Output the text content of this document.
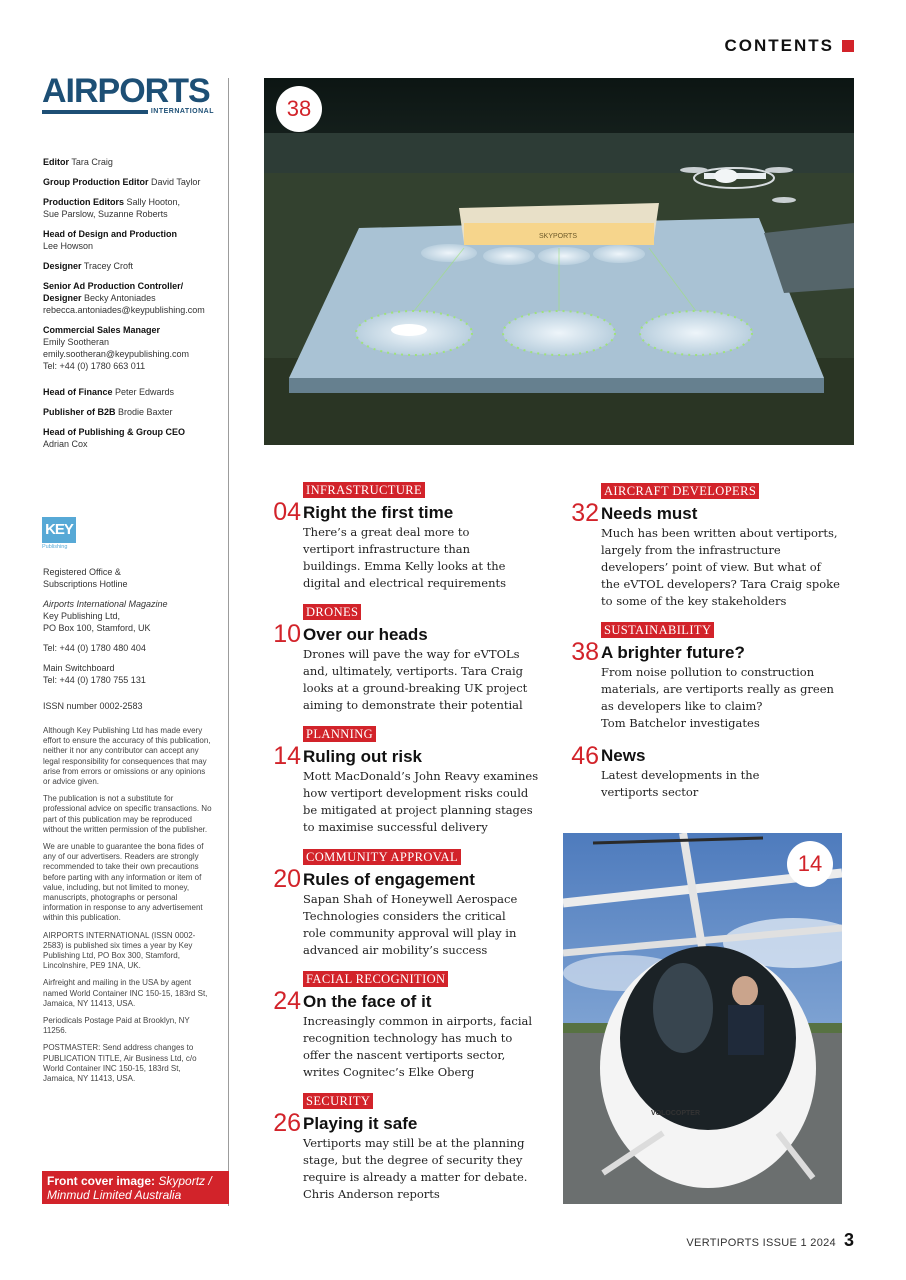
CONTENTS
AIRPORTS
INTERNATIONAL
Editor Tara Craig
Group Production Editor David Taylor
Production Editors Sally Hooton,
Sue Parslow, Suzanne Roberts
Head of Design and Production
Lee Howson
Designer Tracey Croft
Senior Ad Production Controller/
Designer Becky Antoniades
rebecca.antoniades@keypublishing.com
Commercial Sales Manager
Emily Sootheran
emily.sootheran@keypublishing.com
Tel: +44 (0) 1780 663 011
Head of Finance Peter Edwards
Publisher of B2B Brodie Baxter
Head of Publishing & Group CEO
Adrian Cox
KEY
Publishing
Registered Office &
Subscriptions Hotline
Airports International Magazine
Key Publishing Ltd,
PO Box 100, Stamford, UK
Tel: +44 (0) 1780 480 404
Main Switchboard
Tel: +44 (0) 1780 755 131
ISSN number 0002-2583

Although Key Publishing Ltd has made every effort to ensure the accuracy of this publication, neither it nor any contributor can accept any legal responsibility for consequences that may arise from errors or omissions or any opinions or advice given.

The publication is not a substitute for professional advice on specific transactions. No part of this publication may be reproduced without the written permission of the publisher.

We are unable to guarantee the bona fides of any of our advertisers. Readers are strongly recommended to take their own precautions before parting with any information or item of value, including, but not limited to money, manuscripts, photographs or personal information in response to any advertisement within this publication.

AIRPORTS INTERNATIONAL (ISSN 0002-2583) is published six times a year by Key Publishing Ltd, PO Box 300, Stamford, Lincolnshire, PE9 1NA, UK.

Airfreight and mailing in the USA by agent named World Container INC 150-15, 183rd St, Jamaica, NY 11413, USA.

Periodicals Postage Paid at Brooklyn, NY 11256.

POSTMASTER: Send address changes to PUBLICATION TITLE, Air Business Ltd, c/o World Container INC 150-15, 183rd St, Jamaica, NY 11413, USA.

Front cover image: Skyportz / Minmud Limited Australia
SKYPORTS
38
VOLOCOPTER
14
04
INFRASTRUCTURE
Right the first time
There’s a great deal more to
vertiport infrastructure than
buildings. Emma Kelly looks at the
digital and electrical requirements
10
DRONES
Over our heads
Drones will pave the way for eVTOLs
and, ultimately, vertiports. Tara Craig
looks at a ground-breaking UK project
aiming to demonstrate their potential
14
PLANNING
Ruling out risk
Mott MacDonald’s John Reavy examines
how vertiport development risks could
be mitigated at project planning stages
to maximise successful delivery
20
COMMUNITY APPROVAL
Rules of engagement
Sapan Shah of Honeywell Aerospace
Technologies considers the critical
role community approval will play in
advanced air mobility’s success
24
FACIAL RECOGNITION
On the face of it
Increasingly common in airports, facial
recognition technology has much to
offer the nascent vertiports sector,
writes Cognitec’s Elke Oberg
26
SECURITY
Playing it safe
Vertiports may still be at the planning
stage, but the degree of security they
require is already a matter for debate.
Chris Anderson reports
32
AIRCRAFT DEVELOPERS
Needs must
Much has been written about vertiports,
largely from the infrastructure
developers’ point of view. But what of
the eVTOL developers? Tara Craig spoke
to some of the key stakeholders
38
SUSTAINABILITY
A brighter future?
From noise pollution to construction
materials, are vertiports really as green
as developers like to claim?
Tom Batchelor investigates
46 News
Latest developments in the
vertiports sector
VERTIPORTS ISSUE 1 2024 3
